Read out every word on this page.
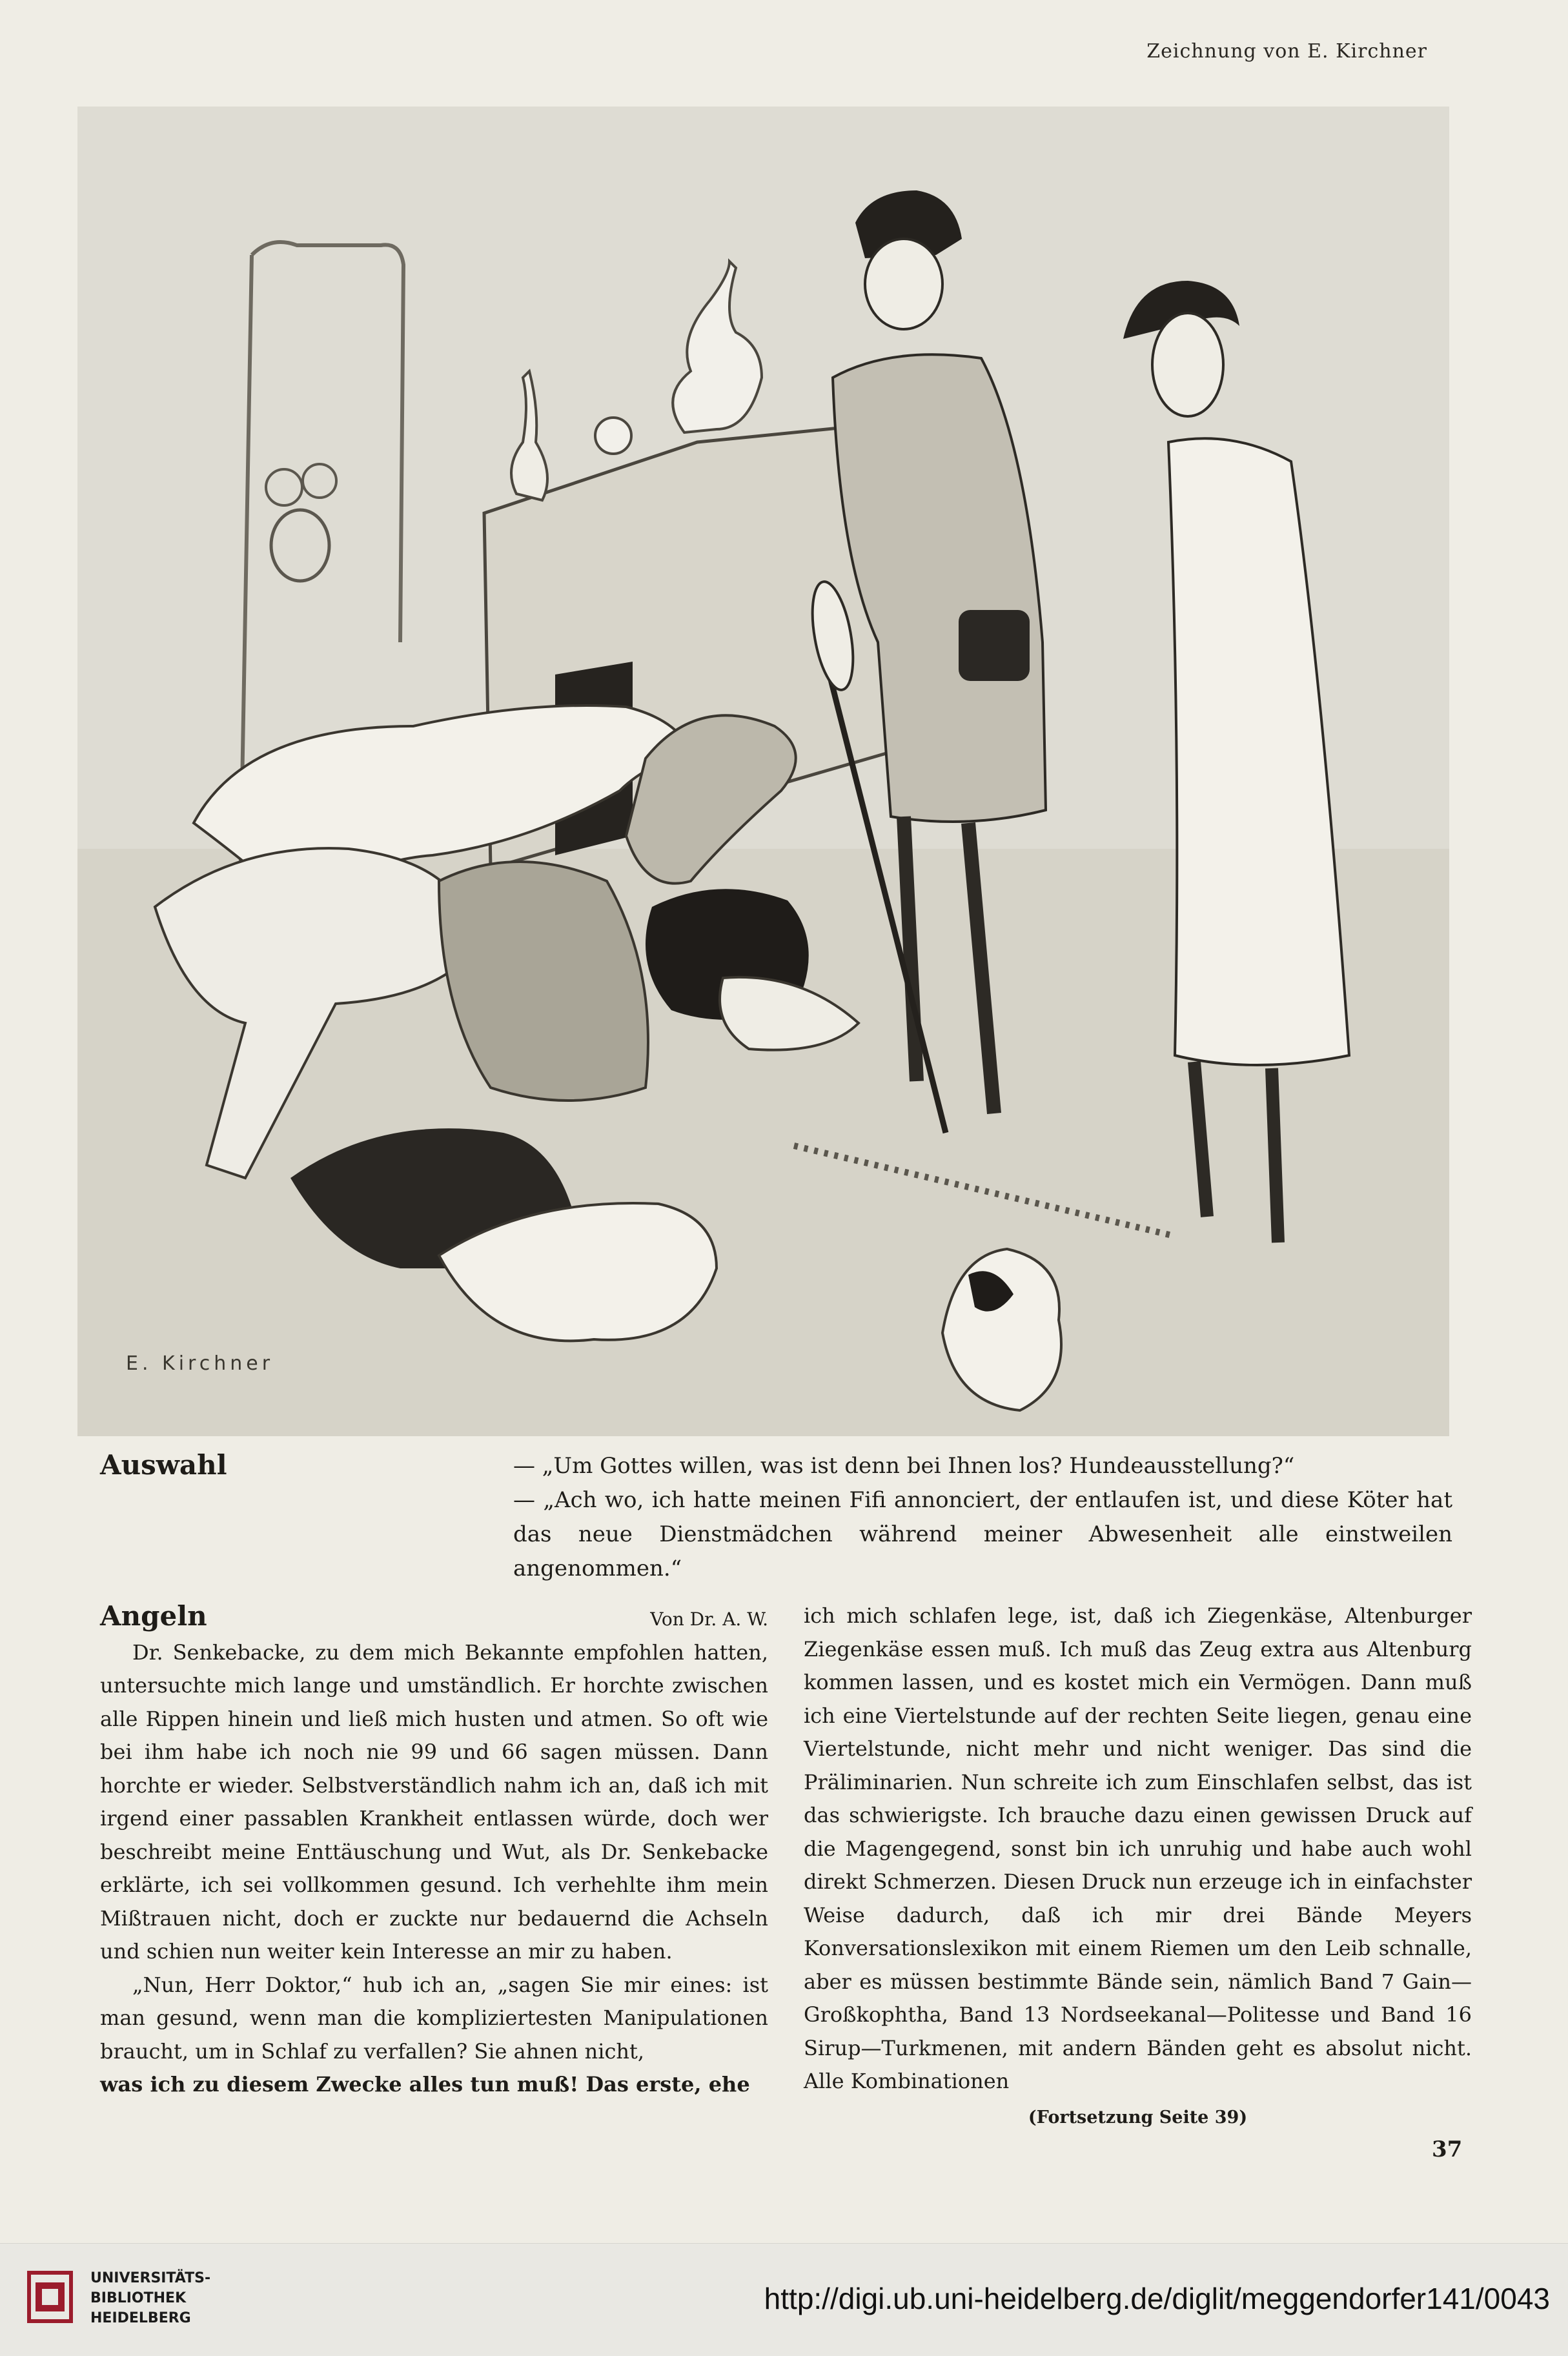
Zeichnung von E. Kirchner
E. Kirchner
Auswahl	— „Um Gottes willen, was ist denn bei Ihnen los? Hundeausstellung?“

— „Ach wo, ich hatte meinen Fifi annonciert, der entlaufen ist, und diese Köter hat das neue Dienstmädchen während meiner Abwesenheit alle einstweilen angenommen.“

Angeln	Von Dr. A. W.

Dr. Senkebacke, zu dem mich Bekannte empfohlen hatten, untersuchte mich lange und umständlich. Er horchte zwischen alle Rippen hinein und ließ mich husten und atmen. So oft wie bei ihm habe ich noch nie 99 und 66 sagen müssen. Dann horchte er wieder. Selbstverständlich nahm ich an, daß ich mit irgend einer passablen Krankheit entlassen würde, doch wer beschreibt meine Enttäuschung und Wut, als Dr. Senkebacke erklärte, ich sei vollkommen gesund. Ich verhehlte ihm mein Mißtrauen nicht, doch er zuckte nur bedauernd die Achseln und schien nun weiter kein Interesse an mir zu haben.

„Nun, Herr Doktor,“ hub ich an, „sagen Sie mir eines: ist man gesund, wenn man die kompliziertesten Manipulationen braucht, um in Schlaf zu verfallen? Sie ahnen nicht,

was ich zu diesem Zwecke alles tun muß! Das erste, ehe

ich mich schlafen lege, ist, daß ich Ziegenkäse, Altenburger Ziegenkäse essen muß. Ich muß das Zeug extra aus Altenburg kommen lassen, und es kostet mich ein Vermögen. Dann muß ich eine Viertelstunde auf der rechten Seite liegen, genau eine Viertelstunde, nicht mehr und nicht weniger. Das sind die Präliminarien. Nun schreite ich zum Einschlafen selbst, das ist das schwierigste. Ich brauche dazu einen gewissen Druck auf die Magengegend, sonst bin ich unruhig und habe auch wohl direkt Schmerzen. Diesen Druck nun erzeuge ich in einfachster Weise dadurch, daß ich mir drei Bände Meyers Konversationslexikon mit einem Riemen um den Leib schnalle, aber es müssen bestimmte Bände sein, nämlich Band 7 Gain—Großkophtha, Band 13 Nordseekanal—Politesse und Band 16 Sirup—Turkmenen, mit andern Bänden geht es absolut nicht. Alle Kombinationen

(Fortsetzung Seite 39)
37
UNIVERSITÄTS-
BIBLIOTHEK
HEIDELBERG
http://digi.ub.uni-heidelberg.de/diglit/meggendorfer141/0043
